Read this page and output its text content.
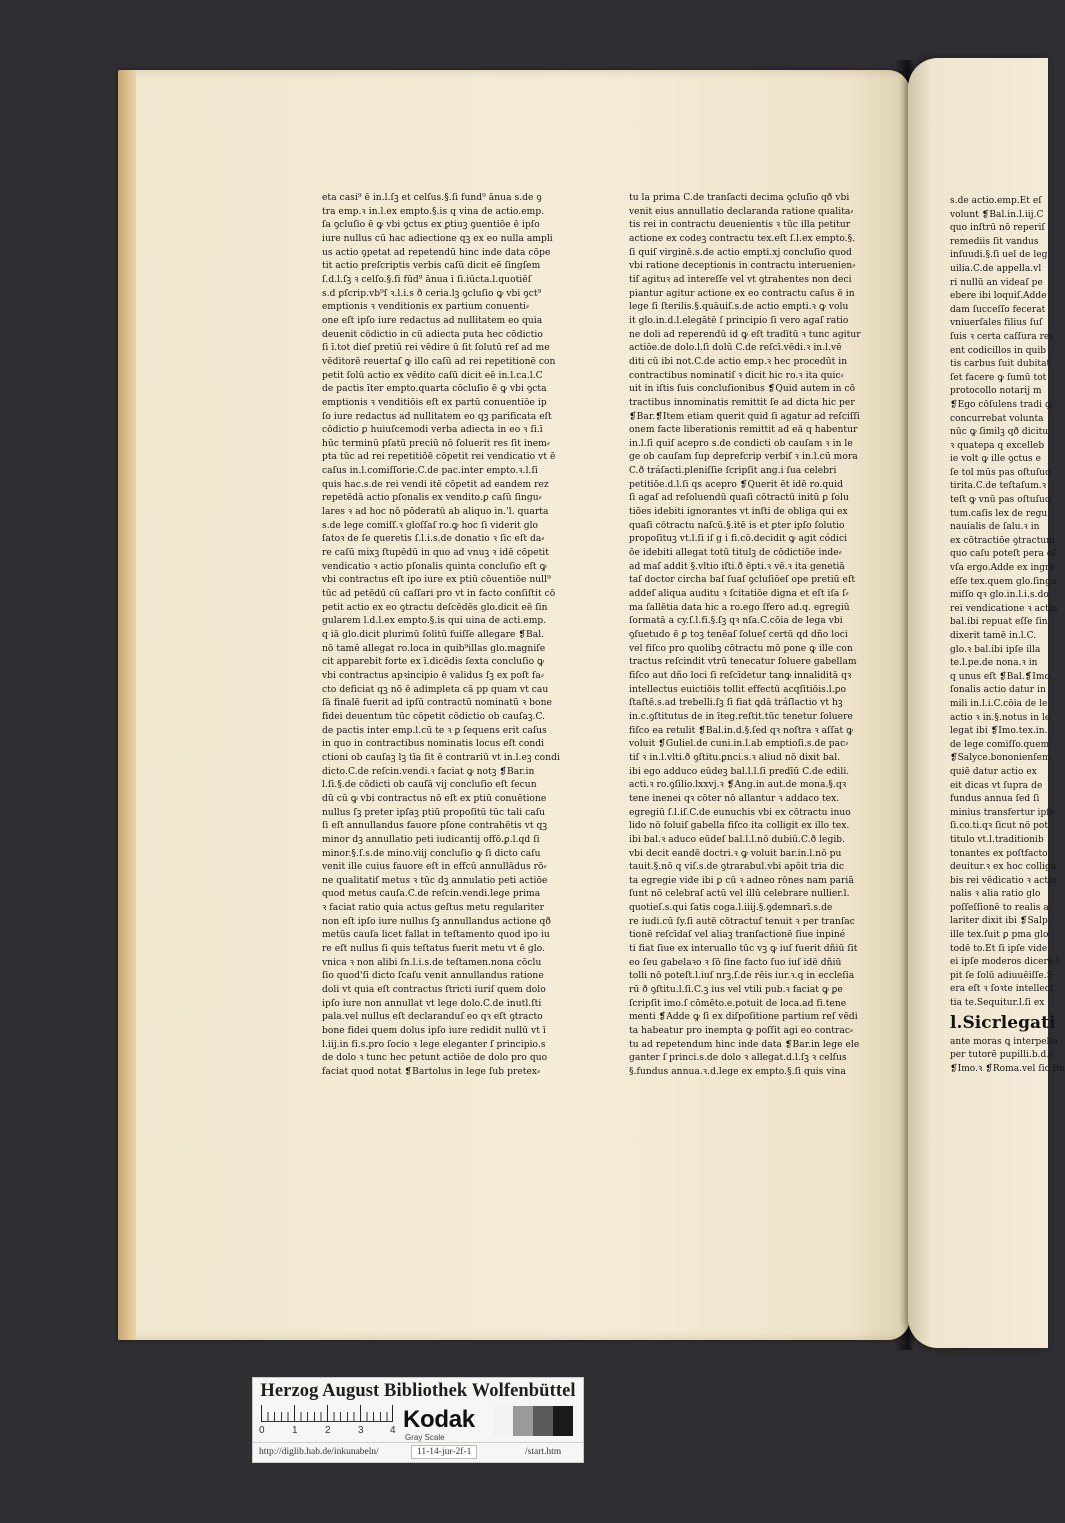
eta casi⁹ ē in.l.ſꝫ et celſus.§.ſi fund⁹ ānua s.de ꝯ
tra emp.ꝛ in.l.ex empto.§.is q vina de actio.emp.
ſa ꝯcluſio ē ꝙ vbi ꝯctus ex ꝑtiuꝫ ꝯuentiōe ē ipſo
iure nullus cū hac adiectione qꝫ ex eo nulla ampli
us actio ꝯpetat ad repetendū hinc inde data cōpe
tit actio preſcriptis verbis caſū dicit eē ſingſem
ſ.d.l.ſꝫ ꝛ celſo.§.ſi fūd⁹ ānua ī ſi.iūcta.l.quotiēſ
s.d ꝑſcrip.vb⁹ſ ꝛ.l.i.s ð ceria.lꝫ ꝯcluſio ꝙ vbi ꝯct⁹
emptionis ꝛ venditionis ex partium conuenti⸗
one eſt ipſo iure redactus ad nullitatem eo quia
deuenit cōdictio in cū adiecta puta hec cōdictio
ſi ī.tot dieſ pretiū rei vēdire ū ſit ſolutū reſ ad me
vēditorē reuertaſ ꝙ illo caſū ad rei repetitionē con
petit ſolū actio ex vēdito caſū dicit eē in.l.ca.l.C
de pactis īter empto.quarta cōcluſio ē ꝙ vbi ꝯcta
emptionis ꝛ venditiōis eſt ex partū conuentiōe ip
ſo iure redactus ad nullitatem eo qꝫ parificata eſt
cōdictio ꝑ huiuſcemodi verba adiecta in eo ꝛ ſi.ī
hūc terminū pſatū preciū nō ſoluerit res ſit inem⸗
pta tūc ad rei repetitiōē cōpetit rei vendicatio vt ē
caſus in.l.comiſſorie.C.de pac.inter empto.ꝛ.l.ſi
quis hac.s.de rei vendi itē cōpetit ad eandem rez
repetēdā actio pſonalis ex vendito.ꝑ caſū ſingu⸗
lares ꝛ ad hoc nō pōderatū ab aliquo in.'l. quarta
s.de lege comiſſ.ꝛ gloſſaſ ro.ꝙ hoc ſi viderit glo
ſatoꝛ de ſe queretis ſ.l.i.s.de donatio ꝛ ſic eſt da⸗
re caſū mixꝫ ſtupēdū in quo ad vnuꝫ ꝛ idē cōpetit
vendicatio ꝛ actio pſonalis quinta concluſio eſt ꝙ
vbi contractus eſt ipo iure ex ptiū cōuentiōe null⁹
tūc ad petēdū cū caſſari pro vt in facto conſiſtit cō
petit actio ex eo ꝯtractu deſcēdēs glo.dicit eē ſin
gularem l.d.l.ex empto.§.is qui uina de acti.emp.
q iā glo.dicit plurimū ſolitū fuiſſe allegare ❡Bal.
nō tamē allegat ro.loca in quib⁹illas glo.magniſe
cit apparebit forte ex ī.dicēdis ſexta concluſio ꝙ
vbi contractus apꝛincipio ē validus ſꝫ ex poſt fa⸗
cto deficiat qꝫ nō ē adimpleta cā pp quam vt cau
ſā finalē fuerit ad ipſū contractū nominatū ꝛ bone
fidei deuentum tūc cōpetit cōdictio ob cauſaꝫ.C.
de pactis inter emp.l.cū te ꝛ ꝑ ſequens erit caſus
in quo in contractibus nominatis locus eſt condi
ctioni ob cauſaꝫ lꝫ tīa ſit ē contrariū vt in.l.eꝫ condi
dicto.C.de reſcin.vendi.ꝛ faciat ꝙ notꝫ ❡Bar.in
l.ſi.§.de cōdicti ob cauſā vij concluſio eſt ſecun
dū cū ꝙ vbi contractus nō eſt ex ptiū conuētione
nullus ſꝫ preter ipſaꝫ ptiū propoſitū tūc tali caſu
ſi eſt annullandus fauore pſone contrahētis vt qꝫ
minor dꝫ annullatio peti iudicantij offō.ꝑ.l.qd ſi
minor.§.ſ.s.de mino.viij concluſio ꝙ ſi dicto caſu
venit ille cuius fauore eſt in effcū annullādus rō⸗
ne qualitatiſ metus ꝛ tūc dꝫ annulatio peti actiōe
quod metus cauſa.C.de reſcin.vendi.lege prima
ꝛ faciat ratio quia actus geſtus metu regulariter
non eſt ipſo iure nullus ſꝫ annullandus actione qð
metūs cauſa licet fallat in teſtamento quod ipo iu
re eſt nullus ſi quis teſtatus fuerit metu vt ē glo.
vnica ꝛ non alibi ſn.l.i.s.de teſtamen.nona cōclu
ſio quod'ſi dicto ſcaſu venit annullandus ratione
doli vt quia eſt contractus ſtricti iuriſ quem dolo
ipſo iure non annullat vt lege dolo.C.de inutl.ſti
pala.vel nullus eſt declaranduſ eo qꝛ eſt ꝯtracto
bone fidei quem dolus ipſo iure redidit nullū vt ī
l.iij.in fi.s.pro ſocio ꝛ lege eleganter ſ principio.s
de dolo ꝛ tunc hec petunt actiōe de dolo pro quo
faciat quod notat ❡Bartolus in lege ſub pretex⸗
tu la prima C.de tranſacti decima ꝯcluſio qð vbi
venit eius annullatio declaranda ratione qualita⸗
tis rei in contractu deuenientis ꝛ tūc illa petitur
actione ex codeꝫ contractu tex.eſt ſ.l.ex empto.§.
ſi quiſ virginē.s.de actio empti.xj concluſio quod
vbi ratione deceptionis in contractu interuenien⸗
tiſ agituꝛ ad intereſſe vel vt ꝯtrahentes non deci
piantur agitur actione ex eo contractu caſus ē in
lege ſi ſterilis.§.quāuiſ.s.de actio empti.ꝛ ꝙ volu
it glo.in.d.l.elegātē ſ principio ſi vero agaſ ratio
ne doli ad reperendū id ꝙ eſt tradītū ꝛ tunc agitur
actiōe.de dolo.l.ſi dolū C.de reſcī.vēdi.ꝛ in.l.vē
diti cū ibi not.C.de actio emp.ꝛ hec procedūt in
contractibus nominatiſ ꝛ dicit hic ro.ꝛ ita quic⸗
uit in iſtis ſuis concluſionibus ❡Quid autem in cō
tractibus innominatis remittit ſe ad dicta hic per
❡Bar.❡Item etiam querit quid ſi agatur ad reſciſſi
onem facte liberationis remittit ad eā q habentur
in.l.ſi quiſ acepro s.de condicti ob cauſam ꝛ in le
ge ob cauſam ſup deprefcrip verbiſ ꝛ in.l.cū mora
C.ð tráſacti.pleniſſie ſcripſit ang.i ſua celebri
petitiōe.d.l.ſi qs acepro ❡Querit ēt idē ro.quid
ſi agaſ ad reſoluendū quaſi cōtractū initū ꝑ ſolu
tiōes idebiti ignorantes vt inſti de obliga qui ex
quaſi cōtractu naſcū.§.itē is et ꝑter ipſo ſolutio
propoſituꝫ vt.l.ſi iſ g i fi.cō.decidit ꝙ agit códici
ōe idebiti allegat totū titulꝫ de cōdictiōe inde⸗
ad maſ addit §.vltio iſti.ð ēpti.ꝛ vē.ꝛ ita genetiā
taſ doctor circha baſ ſuaſ ꝯcluſiōeſ ope pretiū eſt
addeſ aliqua auditu ꝛ ſcitatiōe digna et eſt iſa ſ⸗
ma ſallētia data hic a ro.ego ſfero ad.q. egregiū
ſormatā a cy.ſ.l.fi.§.ſꝫ qꝛ nſa.C.cōia de lega vbi
ꝯſuetudo ē ꝑ toꝫ tenēaſ ſolueſ certū qd dño loci
vel fiſco pro quolibꝫ cōtractu mō pone ꝙ ille con
tractus reſcindit vtrū tenecatur ſoluere gabellam
fiſco aut dño loci ſi reſcīdetur tanꝙ innaliditā qꝛ
intellectus euictiōis tollit effectū acqſitiōis.l.ꝑo
ſtaſtē.s.ad trebelli.ſꝫ ſi fiat ꝗdā tráſlactio vt hꝫ
in.c.ꝯſtitutus de in īteg.reſtit.tūc tenetur ſoluere
fiſco ea retulit ❡Bal.in.d.§.ſed qꝛ noſtra ꝛ aſſat ꝙ
voluit ❡Guliel.de cuni.in.l.ab emptioſi.s.de pac⸗
tiſ ꝛ in.l.vlti.ð ꝯſtitu.ꝑnci.s.ꝛ aliud nō dixit bal.
ibi ego adduco eūdeꝫ bal.l.l.ſi predīū C.de edili.
acti.ꝛ ro.ꝯſilio.lxxvj.ꝛ ❡Ang.in aut.de mona.§.qꝛ
tene inenei qꝛ cōter nō allantur ꝛ addaco tex.
egregiū ſ.l.iſ.C.de eunuchis vbi ex cōtractu inuo
lido nō ſoluiſ gabella fiſco ita colligit ex illo tex.
ibi bal.ꝛ aduco eūdeſ bal.l.l.nō dubiū.C.ð legib.
vbi decit eandē doctri.ꝛ ꝙ voluit bar.in.l.nō pu
tauit.§.nō q viſ.s.de ꝯtrarabul.vbi apōit tria dic
ta egregie vide ibi ꝑ cū ꝛ adneo rōnes nam pariā
ſunt nō celebraſ actū vel illū celebrare nullier.l.
quotieſ.s.qui ſatis coga.l.iiij.§.ꝯdemnarī.s.de
re iudi.cū ſy.ſi autē cōtractuſ tenuit ꝛ per tranſac
tionē reſcīdaſ vel aliaꝫ tranſactionē ſiue inpiné
ti fiat ſiue ex interuallo tūc vꝫ ꝙ iuſ fuerit dñiū ſit
eo ſeu gabelaꝛo ꝛ ſō ſine facto ſuo iuſ idē dñiū
tolli nō poteſt.l.iuſ nrꝫ.ſ.de rēis iur.ꝛ.q in eccleſia
rū ð ꝯſtitu.l.ſi.C.ꝫ ius vel vtili pub.ꝛ faciat ꝙ ꝑe
ſcripſit imo.ſ cōmēto.e.potuit de loca.ad fi.tene
menti ❡Adde ꝙ ſi ex diſpoſitione partium reſ vēdi
ta habeatur pro inempta ꝙ poſſit agi eo contrac⸗
tu ad repetendum hinc inde data ❡Bar.in lege ele
ganter ſ princi.s.de dolo ꝛ allegat.d.l.ſꝫ ꝛ celſus
§.fundus annua.ꝛ.d.lege ex empto.§.ſi quis vina
s.de actio.emp.Et eſ
volunt ❡Bal.in.l.iij.C
quo inſtrū nō reperiſ
remediis ſit vandus
inſuudi.§.ſi uel de leg
uilia.C.de appella.vl
ri nullū an videaſ pe
ebere ibi loquiſ.Adde
dam ſucceſſo fecerat
vniuerſales filius ſuſ
ſuis ꝛ certa caſſura res
ent codicillos in quib
tis carbus ſuit dubitat
ſet facere ꝙ ſumū tot
protocollo notarij m
❡Ego cōſulens tradi ꝙ
concurrebat volunta
nūc ꝙ ſimilꝫ qð dicitu
ꝛ quatepa q excelleb
ie volt ꝙ ille ꝯctus e
ſe tol mūs pas oſtuſuo
tirita.C.de teſtaſum.ꝛ
teſt ꝙ vnū pas oſtuſuo
tum.caſis lex de regu
nauialis de ſalu.ꝛ in
ex cōtractiōe ꝯtractum
quo caſu poteſt pera eſ
vſa ergo.Adde ex ingra
eſſe tex.quem glo.ſinga
miſſo qꝛ glo.in.l.i.s.do
rei vendicatione ꝛ actio
bal.ibi repuat eſſe ſin
dixerit tamē in.l.C.
glo.ꝛ bal.ibi ipſe illa
te.l.pe.de nona.ꝛ in
q unus eſt ❡Bal.❡Imo.
ſonalis actio datur in
mili in.l.i.C.cōia de le
actio ꝛ in.§.notus in le
legat ibi ❡Imo.tex.in.
de lege comiſſo.quem
❡Salyce.bononienſem
quiē datur actio ex
eit dicas vt ſupra de
fundus annua ſed ſi
minius transfertur ipſe
ſi.co.ti.qꝛ ſicut nō pot
titulo vt.l.traditionib
tonantes ex poſtfacto
deuitur.ꝛ ex hoc colliga
bis rei vēdicatio ꝛ actio
nalis ꝛ alia ratio glo
poſſeſſionē to realis a
lariter dixit ibi ❡Salp.
ille tex.ſuit ꝑ pma glo
todē to.Et ſi ipſe vide
ei ipſe moderos dicere.l.
pit ſe ſolū adiuuēiſſe.S
era eſt ꝛ ſoꝛte intellect
tia te.Sequitur.l.ſi ex
l.Sicrlegati
ante moras ꝗ interpella
per tutorē pupilli.b.d.c
❡Imo.ꝛ ❡Roma.vel ſic ſm
Herzog August Bibliothek Wolfenbüttel
0	1	2	3	4 Kodak
Gray Scale
http://diglib.hab.de/inkunabeln/	11-14-jur-2f-1	/start.htm
